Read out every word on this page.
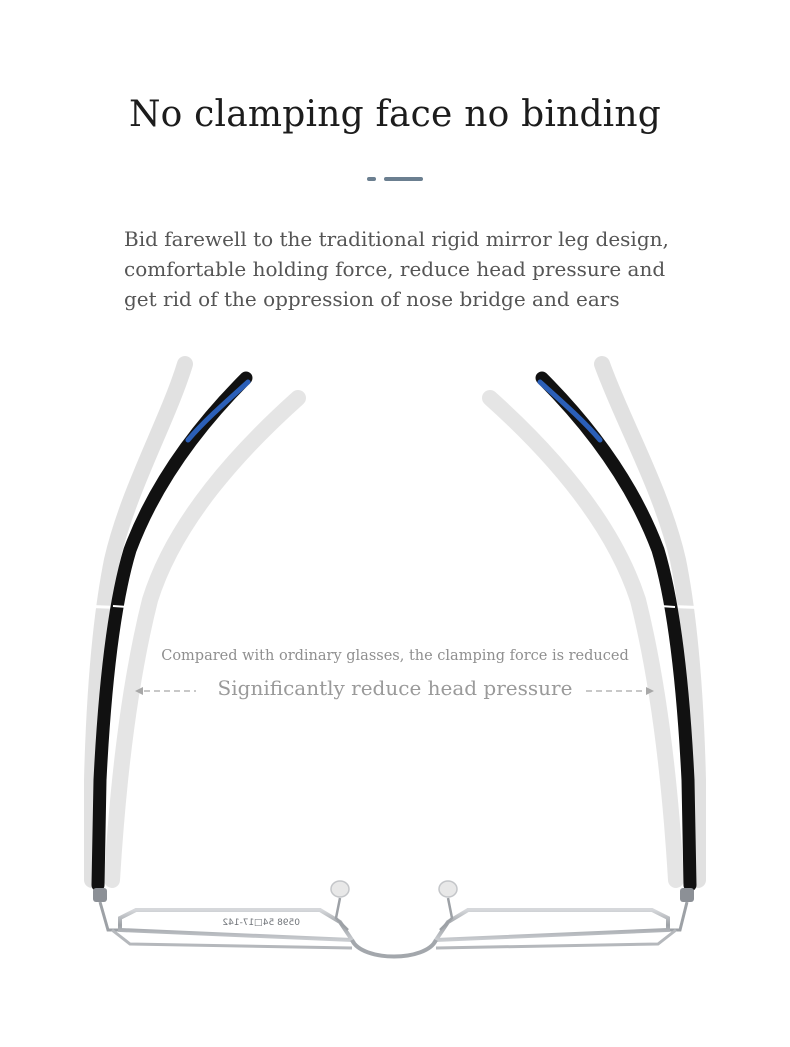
No clamping face no binding
Bid farewell to the traditional rigid mirror leg design,
comfortable holding force, reduce head pressure and
get rid of the oppression of nose bridge and ears
0598 54□17-142
Compared with ordinary glasses, the clamping force is reduced
Significantly reduce head pressure
